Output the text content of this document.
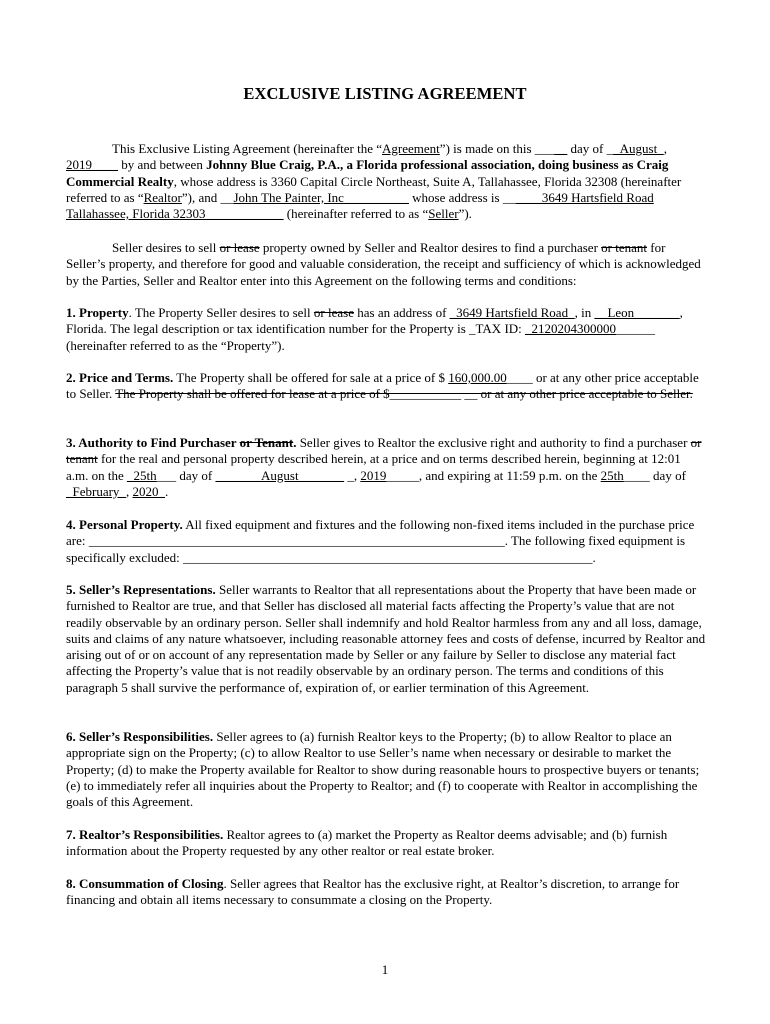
EXCLUSIVE LISTING AGREEMENT

This Exclusive Listing Agreement (hereinafter the “Agreement”) is made on this _____ day of __August_, 2019____ by and between Johnny Blue Craig, P.A., a Florida professional association, doing business as Craig Commercial Realty, whose address is 3360 Capital Circle Northeast, Suite A, Tallahassee, Florida 32308 (hereinafter referred to as “Realtor”), and __John The Painter, Inc__________ whose address is ______3649 Hartsfield Road Tallahassee, Florida 32303____________ (hereinafter referred to as “Seller”).

Seller desires to sell or lease property owned by Seller and Realtor desires to find a purchaser or tenant for Seller’s property, and therefore for good and valuable consideration, the receipt and sufficiency of which is acknowledged by the Parties, Seller and Realtor enter into this Agreement on the following terms and conditions:

1. Property. The Property Seller desires to sell or lease has an address of _3649 Hartsfield Road_, in __Leon_______, Florida. The legal description or tax identification number for the Property is _TAX ID: _2120204300000______ (hereinafter referred to as the “Property”).

2. Price and Terms. The Property shall be offered for sale at a price of $ 160,000.00____ or at any other price acceptable to Seller. The Property shall be offered for lease at a price of $___________ __ or at any other price acceptable to Seller.

3. Authority to Find Purchaser or Tenant. Seller gives to Realtor the exclusive right and authority to find a purchaser or tenant for the real and personal property described herein, at a price and on terms described herein, beginning at 12:01 a.m. on the _25th___ day of _______August_______ _, 2019_____, and expiring at 11:59 p.m. on the 25th____ day of _February_, 2020_.

4. Personal Property. All fixed equipment and fixtures and the following non-fixed items included in the purchase price are: ________________________________________________________________. The following fixed equipment is specifically excluded: _______________________________________________________________.

5. Seller’s Representations. Seller warrants to Realtor that all representations about the Property that have been made or furnished to Realtor are true, and that Seller has disclosed all material facts affecting the Property’s value that are not readily observable by an ordinary person. Seller shall indemnify and hold Realtor harmless from any and all loss, damage, suits and claims of any nature whatsoever, including reasonable attorney fees and costs of defense, incurred by Realtor and arising out of or on account of any representation made by Seller or any failure by Seller to disclose any material fact affecting the Property’s value that is not readily observable by an ordinary person. The terms and conditions of this paragraph 5 shall survive the performance of, expiration of, or earlier termination of this Agreement.

6. Seller’s Responsibilities. Seller agrees to (a) furnish Realtor keys to the Property; (b) to allow Realtor to place an appropriate sign on the Property; (c) to allow Realtor to use Seller’s name when necessary or desirable to market the Property; (d) to make the Property available for Realtor to show during reasonable hours to prospective buyers or tenants; (e) to immediately refer all inquiries about the Property to Realtor; and (f) to cooperate with Realtor in accomplishing the goals of this Agreement.

7. Realtor’s Responsibilities. Realtor agrees to (a) market the Property as Realtor deems advisable; and (b) furnish information about the Property requested by any other realtor or real estate broker.

8. Consummation of Closing. Seller agrees that Realtor has the exclusive right, at Realtor’s discretion, to arrange for financing and obtain all items necessary to consummate a closing on the Property.

1
